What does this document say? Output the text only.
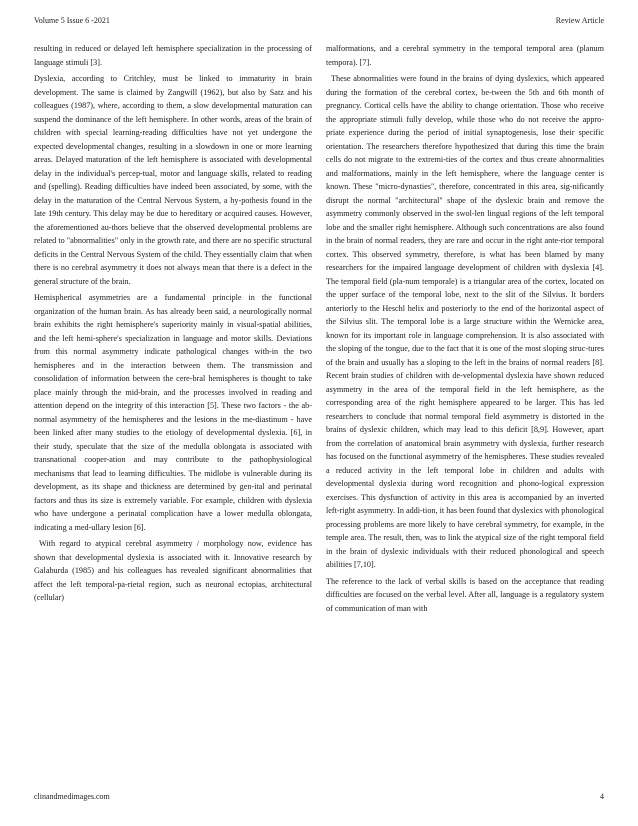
Volume 5 Issue 6 -2021	Review Article

resulting in reduced or delayed left hemisphere specialization in the processing of language stimuli [3].

Dyslexia, according to Critchley, must be linked to immaturity in brain development. The same is claimed by Zangwill (1962), but also by Satz and his colleagues (1987), where, according to them, a slow developmental maturation can suspend the dominance of the left hemisphere. In other words, areas of the brain of children with special learning-reading difficulties have not yet undergone the expected developmental changes, resulting in a slowdown in one or more learning areas. Delayed maturation of the left hemisphere is associated with developmental delay in the individual's percep-tual, motor and language skills, related to reading and (spelling). Reading difficulties have indeed been associated, by some, with the delay in the maturation of the Central Nervous System, a hy-pothesis found in the late 19th century. This delay may be due to hereditary or acquired causes. However, the aforementioned au-thors believe that the observed developmental problems are related to "abnormalities" only in the growth rate, and there are no specific structural deficits in the Central Nervous System of the child. They essentially claim that when there is no cerebral asymmetry it does not always mean that there is a defect in the general structure of the brain.

Hemispherical asymmetries are a fundamental principle in the functional organization of the human brain. As has already been said, a neurologically normal brain exhibits the right hemisphere's superiority mainly in visual-spatial abilities, and the left hemi-sphere's specialization in language and motor skills. Deviations from this normal asymmetry indicate pathological changes with-in the two hemispheres and in the interaction between them. The transmission and consolidation of information between the cere-bral hemispheres is thought to take place mainly through the mid-brain, and the processes involved in reading and attention depend on the integrity of this interaction [5]. These two factors - the ab-normal asymmetry of the hemispheres and the lesions in the me-diastinum - have been linked after many studies to the etiology of developmental dyslexia. [6], in their study, speculate that the size of the medulla oblongata is associated with transnational cooper-ation and may contribute to the pathophysiological mechanisms that lead to learning difficulties. The midlobe is vulnerable during its development, as its shape and thickness are determined by gen-ital and perinatal factors and thus its size is extremely variable. For example, children with dyslexia who have undergone a perinatal complication have a lower medulla oblongata, indicating a med-ullary lesion [6].

With regard to atypical cerebral asymmetry / morphology now, evidence has shown that developmental dyslexia is associated with it. Innovative research by Galaburda (1985) and his colleagues has revealed significant abnormalities that affect the left temporal-pa-rietal region, such as neuronal ectopias, architectural (cellular)

malformations, and a cerebral symmetry in the temporal temporal area (planum tempora). [7].

These abnormalities were found in the brains of dying dyslexics, which appeared during the formation of the cerebral cortex, be-tween the 5th and 6th month of pregnancy. Cortical cells have the ability to change orientation. Those who receive the appropriate stimuli fully develop, while those who do not receive the appro-priate experience during the period of initial synaptogenesis, lose their specific orientation. The researchers therefore hypothesized that during this time the brain cells do not migrate to the extremi-ties of the cortex and thus create abnormalities and malformations, mainly in the left hemisphere, where the language center is known. These "micro-dynasties", therefore, concentrated in this area, sig-nificantly disrupt the normal "architectural" shape of the dyslexic brain and remove the asymmetry commonly observed in the swol-len lingual regions of the left temporal lobe and the smaller right hemisphere. Although such concentrations are also found in the brain of normal readers, they are rare and occur in the right ante-rior temporal cortex. This observed symmetry, therefore, is what has been blamed by many researchers for the impaired language development of children with dyslexia [4]. The temporal field (pla-num temporale) is a triangular area of the cortex, located on the upper surface of the temporal lobe, next to the slit of the Silvius. It borders anteriorly to the Heschl helix and posteriorly to the end of the horizontal aspect of the Silvius slit. The temporal lobe is a large structure within the Wernicke area, known for its important role in language comprehension. It is also associated with the sloping of the tongue, due to the fact that it is one of the most sloping struc-tures of the brain and usually has a sloping to the left in the brains of normal readers [8]. Recent brain studies of children with de-velopmental dyslexia have shown reduced asymmetry in the area of the temporal field in the left hemisphere, as the corresponding area of the right hemisphere appeared to be larger. This has led researchers to conclude that normal temporal field asymmetry is distorted in the brains of dyslexic children, which may lead to this deficit [8,9]. However, apart from the correlation of anatomical brain asymmetry with dyslexia, further research has focused on the functional asymmetry of the hemispheres. These studies revealed a reduced activity in the left temporal lobe in children and adults with developmental dyslexia during word recognition and phono-logical expression exercises. This dysfunction of activity in this area is accompanied by an inverted left-right asymmetry. In addi-tion, it has been found that dyslexics with phonological processing problems are more likely to have cerebral symmetry, for example, in the temple area. The result, then, was to link the atypical size of the right temporal field in the brain of dyslexic individuals with their reduced phonological and speech abilities [7,10].

The reference to the lack of verbal skills is based on the acceptance that reading difficulties are focused on the verbal level. After all, language is a regulatory system of communication of man with

clinandmedimages.com	4
